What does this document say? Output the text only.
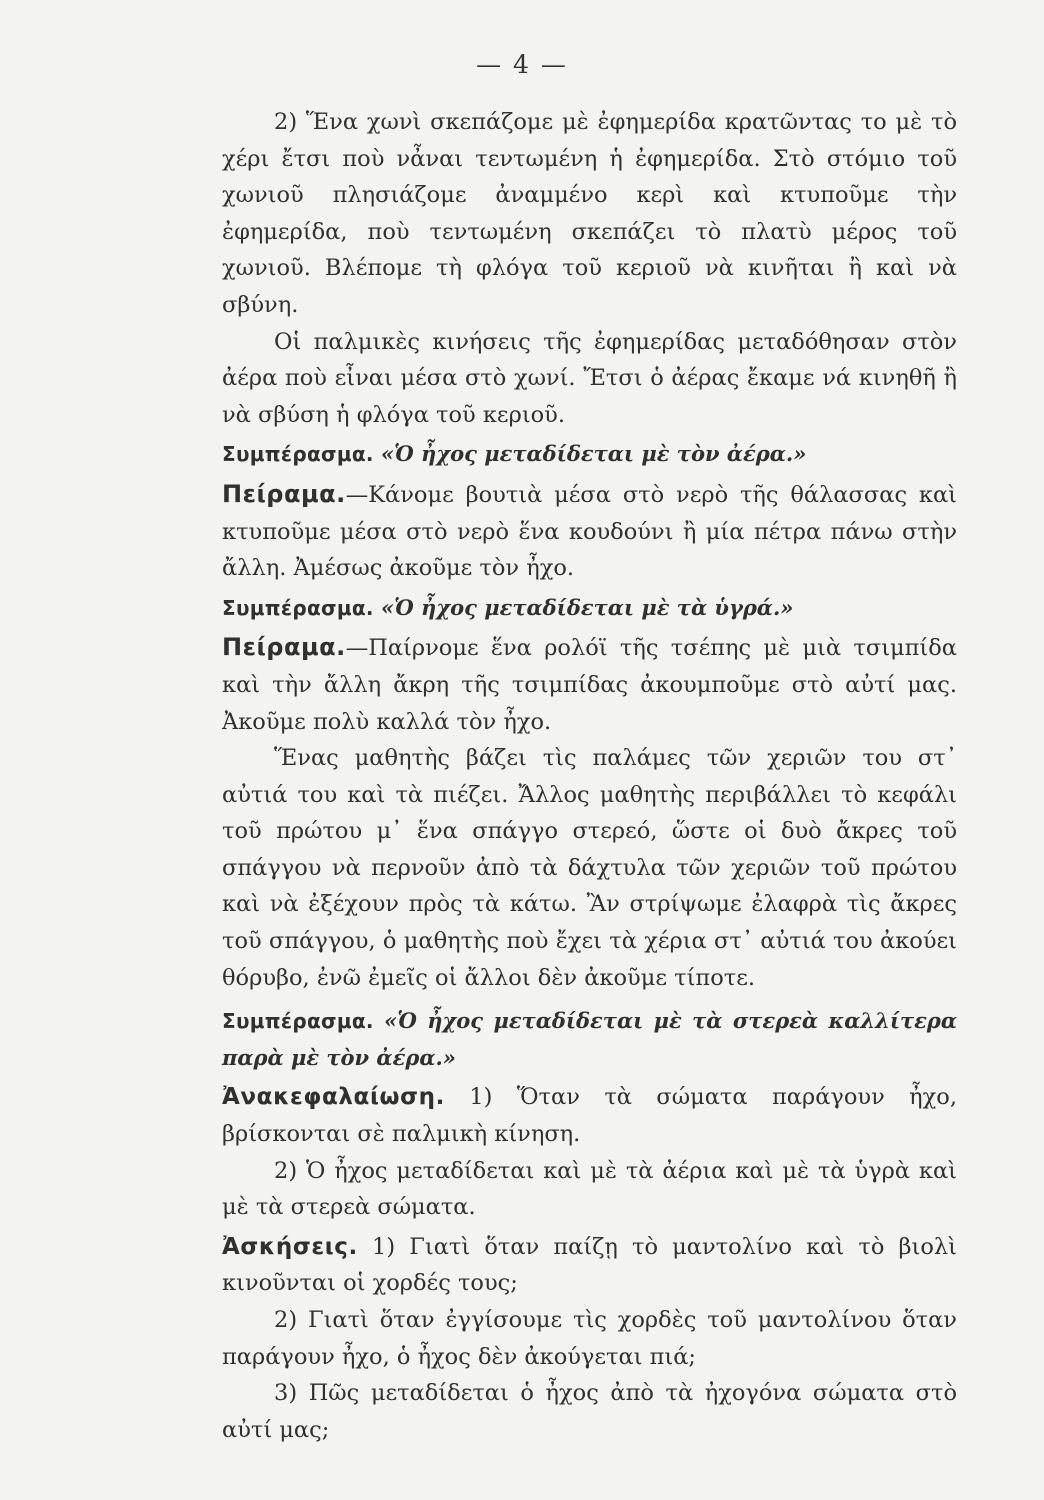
— 4 —

2) Ἕνα χωνὶ σκεπάζομε μὲ ἐφημερίδα κρατῶντας το μὲ τὸ χέρι ἔτσι ποὺ νἆναι τεντωμένη ἡ ἐφημερίδα. Στὸ στόμιο τοῦ χωνιοῦ πλησιάζομε ἀναμμένο κερὶ καὶ κτυποῦμε τὴν ἐφημερίδα, ποὺ τεντωμένη σκεπάζει τὸ πλατὺ μέρος τοῦ χωνιοῦ. Βλέπομε τὴ φλόγα τοῦ κεριοῦ νὰ κινῆται ἢ καὶ νὰ σβύνη.

Οἱ παλμικὲς κινήσεις τῆς ἐφημερίδας μεταδόθησαν στὸν ἀέρα ποὺ εἶναι μέσα στὸ χωνί. Ἔτσι ὁ ἀέρας ἔκαμε νά κινηθῆ ἢ νὰ σβύση ἡ φλόγα τοῦ κεριοῦ.

Συμπέρασμα. «Ὁ ἦχος μεταδίδεται μὲ τὸν ἀέρα.»

Πείραμα.—Κάνομε βουτιὰ μέσα στὸ νερὸ τῆς θάλασσας καὶ κτυποῦμε μέσα στὸ νερὸ ἕνα κουδούνι ἢ μία πέτρα πάνω στὴν ἄλλη. Ἀμέσως ἀκοῦμε τὸν ἦχο.

Συμπέρασμα. «Ὁ ἦχος μεταδίδεται μὲ τὰ ὑγρά.»

Πείραμα.—Παίρνομε ἕνα ρολόϊ τῆς τσέπης μὲ μιὰ τσιμπίδα καὶ τὴν ἄλλη ἄκρη τῆς τσιμπίδας ἀκουμποῦμε στὸ αὐτί μας. Ἀκοῦμε πολὺ καλλά τὸν ἦχο.

Ἕνας μαθητὴς βάζει τὶς παλάμες τῶν χεριῶν του στ᾽ αὐτιά του καὶ τὰ πιέζει. Ἄλλος μαθητὴς περιβάλλει τὸ κεφάλι τοῦ πρώτου μ᾽ ἕνα σπάγγο στερεό, ὥστε οἱ δυὸ ἄκρες τοῦ σπάγγου νὰ περνοῦν ἀπὸ τὰ δάχτυλα τῶν χεριῶν τοῦ πρώτου καὶ νὰ ἐξέχουν πρὸς τὰ κάτω. Ἂν στρίψωμε ἐλαφρὰ τὶς ἄκρες τοῦ σπάγγου, ὁ μαθητὴς ποὺ ἔχει τὰ χέρια στ᾽ αὐτιά του ἀκούει θόρυβο, ἐνῶ ἐμεῖς οἱ ἄλλοι δὲν ἀκοῦμε τίποτε.

Συμπέρασμα. «Ὁ ἦχος μεταδίδεται μὲ τὰ στερεὰ καλλίτερα παρὰ μὲ τὸν ἀέρα.»

Ἀνακεφαλαίωση. 1) Ὅταν τὰ σώματα παράγουν ἦχο, βρίσκονται σὲ παλμικὴ κίνηση.

2) Ὁ ἦχος μεταδίδεται καὶ μὲ τὰ ἀέρια καὶ μὲ τὰ ὑγρὰ καὶ μὲ τὰ στερεὰ σώματα.

Ἀσκήσεις. 1) Γιατὶ ὅταν παίζῃ τὸ μαντολίνο καὶ τὸ βιολὶ κινοῦνται οἱ χορδές τους;

2) Γιατὶ ὅταν ἐγγίσουμε τὶς χορδὲς τοῦ μαντολίνου ὅταν παράγουν ἦχο, ὁ ἦχος δὲν ἀκούγεται πιά;

3) Πῶς μεταδίδεται ὁ ἦχος ἀπὸ τὰ ἠχογόνα σώματα στὸ αὐτί μας;
